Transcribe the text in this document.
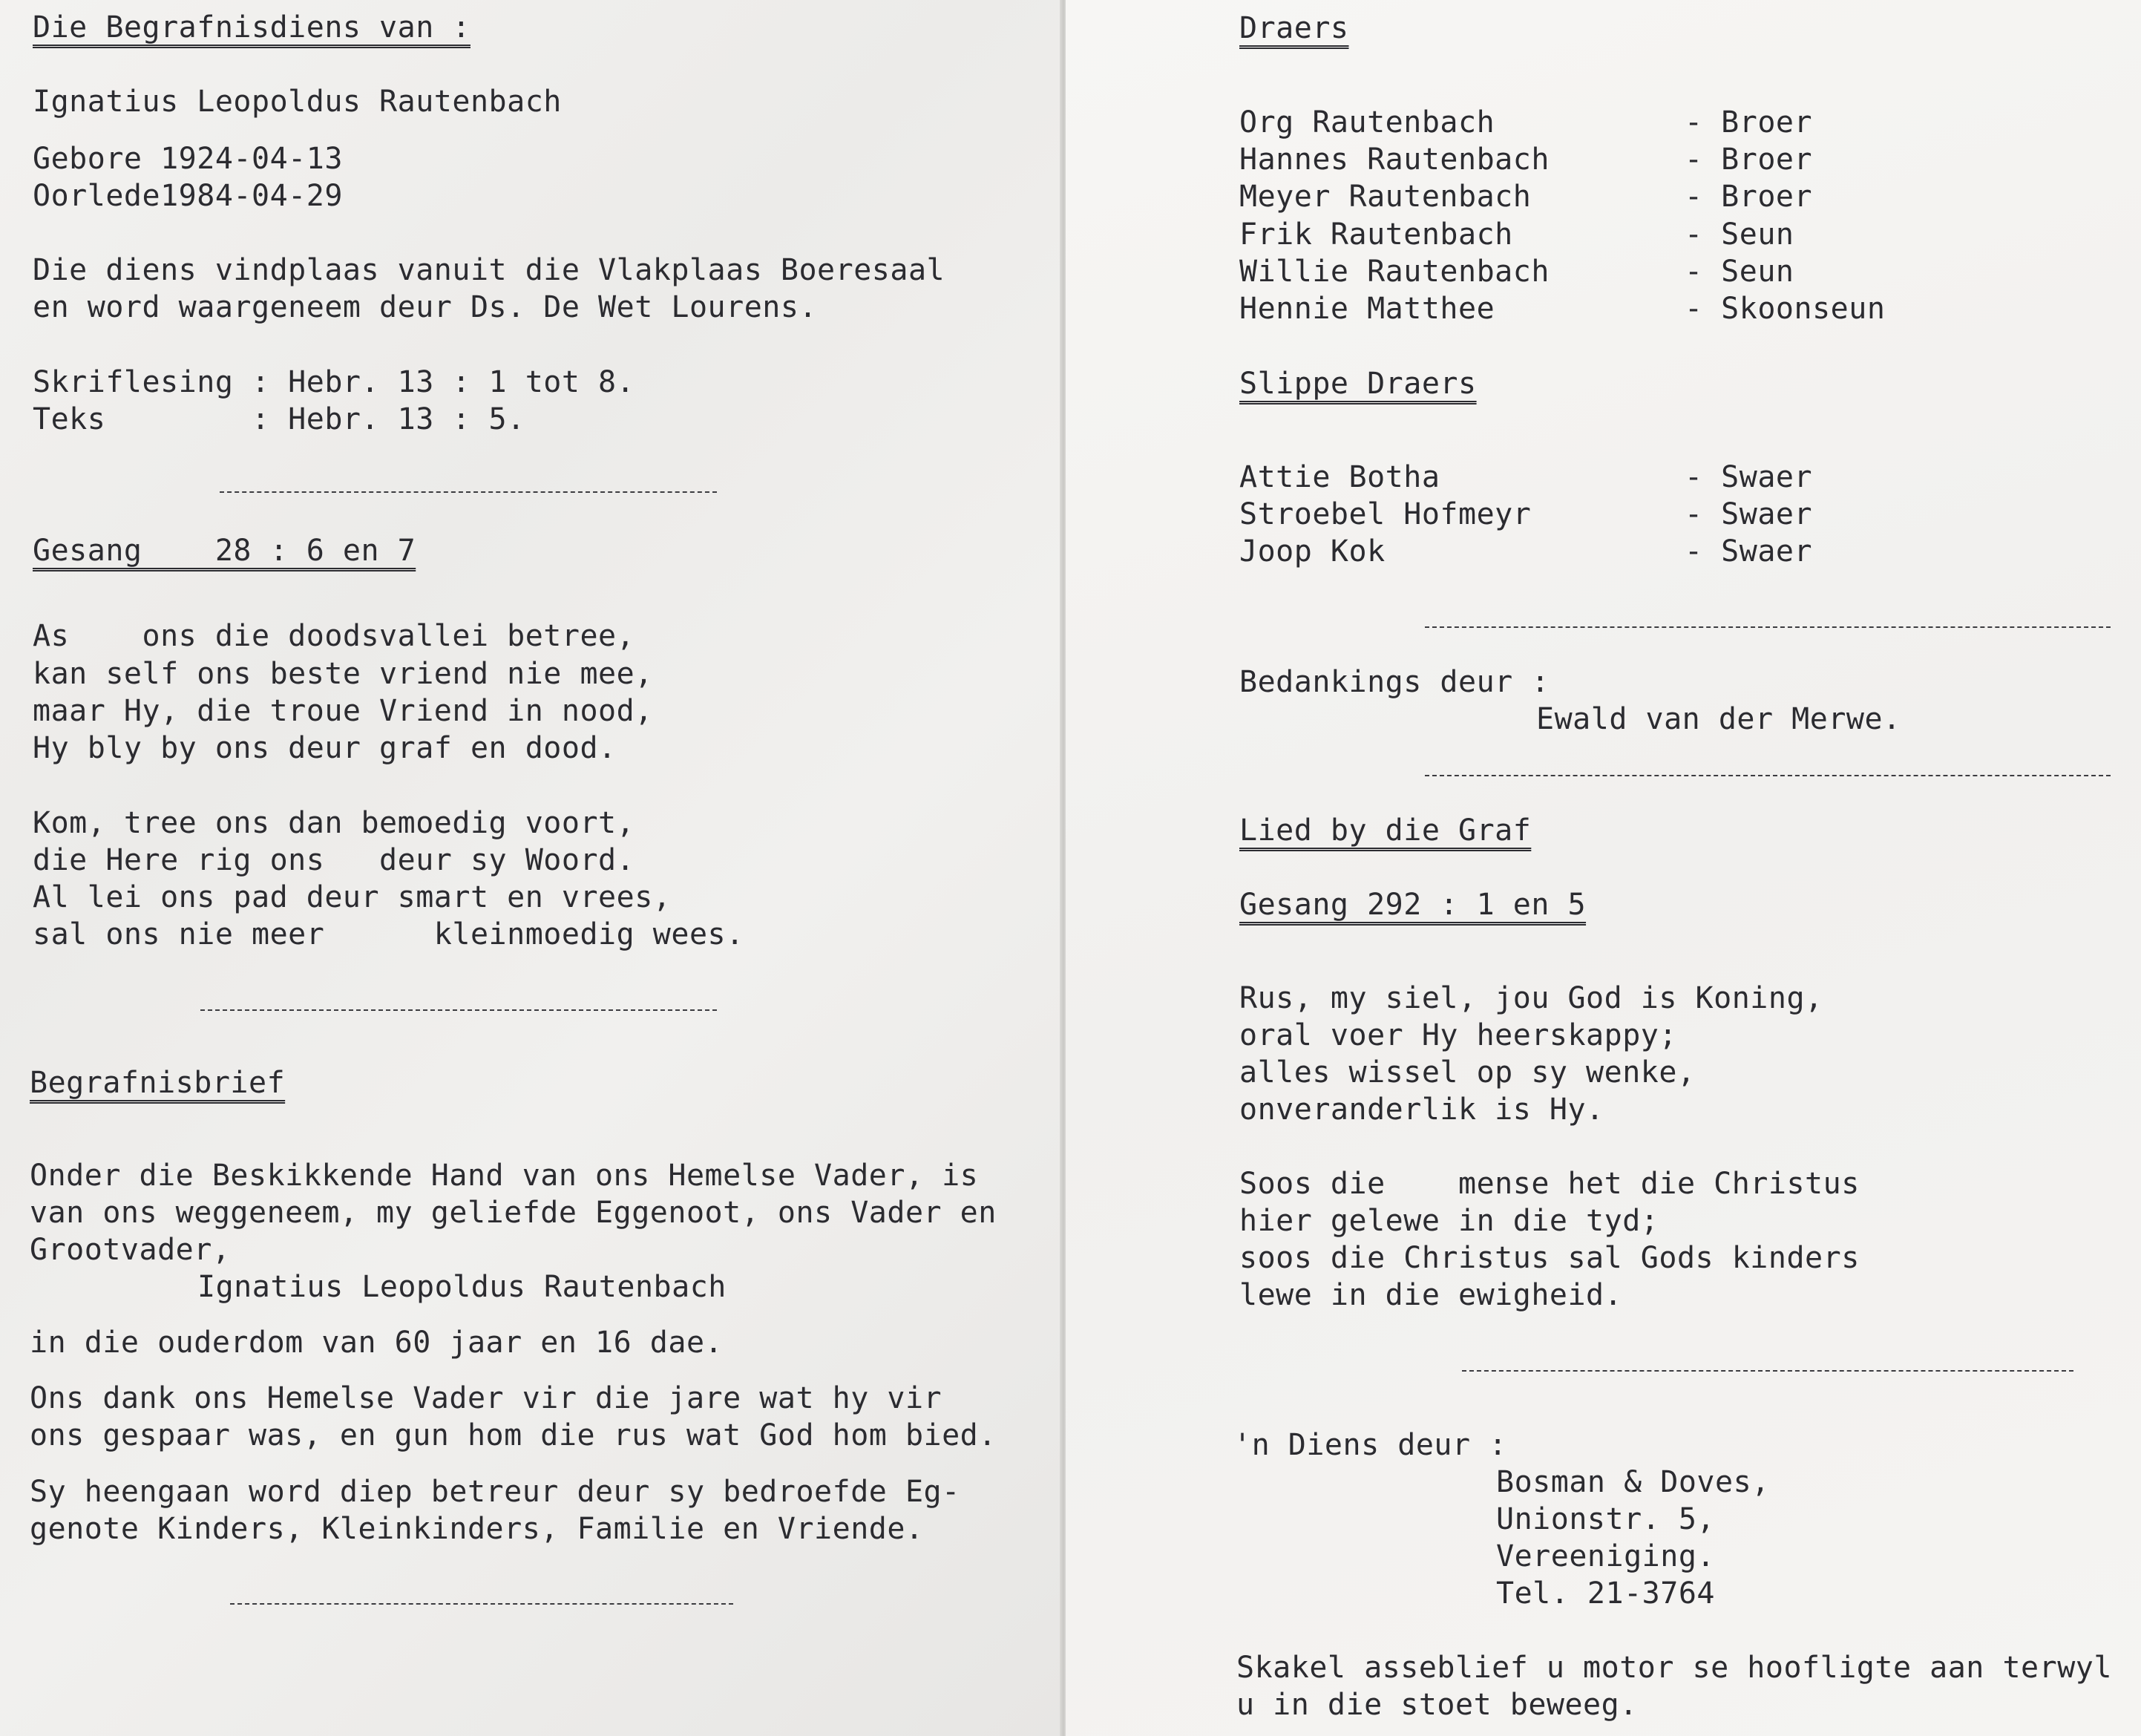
Die Begrafnisdiens van :
Ignatius Leopoldus Rautenbach
Gebore 1924-04-13
Oorlede1984-04-29
Die diens vindplaas vanuit die Vlakplaas Boeresaal
en word waargeneem deur Ds. De Wet Lourens.
Skriflesing : Hebr. 13 : 1 tot 8.
Teks        : Hebr. 13 : 5.
Gesang    28 : 6 en 7
As    ons die doodsvallei betree,
kan self ons beste vriend nie mee,
maar Hy, die troue Vriend in nood,
Hy bly by ons deur graf en dood.
Kom, tree ons dan bemoedig voort,
die Here rig ons   deur sy Woord.
Al lei ons pad deur smart en vrees,
sal ons nie meer      kleinmoedig wees.
Begrafnisbrief
Onder die Beskikkende Hand van ons Hemelse Vader, is
van ons weggeneem, my geliefde Eggenoot, ons Vader en
Grootvader,
Ignatius Leopoldus Rautenbach
in die ouderdom van 60 jaar en 16 dae.
Ons dank ons Hemelse Vader vir die jare wat hy vir
ons gespaar was, en gun hom die rus wat God hom bied.
Sy heengaan word diep betreur deur sy bedroefde Eg-
genote Kinders, Kleinkinders, Familie en Vriende.
Draers
Org Rautenbach	- Broer
Hannes Rautenbach	- Broer
Meyer Rautenbach	- Broer
Frik Rautenbach	- Seun
Willie Rautenbach	- Seun
Hennie Matthee	- Skoonseun
Slippe Draers
Attie Botha	- Swaer
Stroebel Hofmeyr	- Swaer
Joop Kok	- Swaer
Bedankings deur :
Ewald van der Merwe.
Lied by die Graf
Gesang 292 : 1 en 5
Rus, my siel, jou God is Koning,
oral voer Hy heerskappy;
alles wissel op sy wenke,
onveranderlik is Hy.
Soos die    mense het die Christus
hier gelewe in die tyd;
soos die Christus sal Gods kinders
lewe in die ewigheid.
'n Diens deur :
Bosman & Doves,
Unionstr. 5,
Vereeniging.
Tel. 21-3764
Skakel asseblief u motor se hoofligte aan terwyl
u in die stoet beweeg.
